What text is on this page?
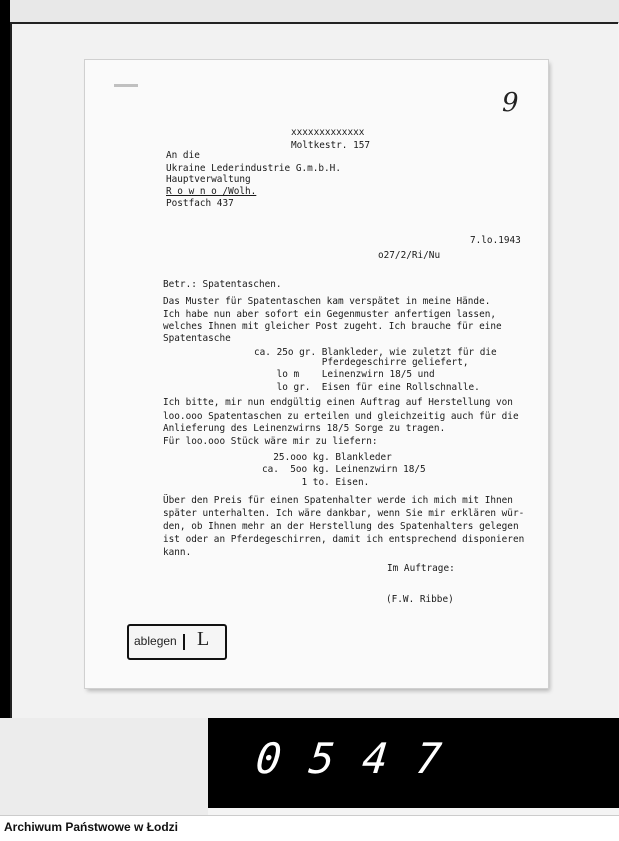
9
xxxxxxxxxxxxx
Moltkestr. 157
An die
Ukraine Lederindustrie G.m.b.H.
Hauptverwaltung
R o w n o /Wolh.
Postfach 437
7.lo.1943
o27/2/Ri/Nu
Betr.: Spatentaschen.
Das Muster für Spatentaschen kam verspätet in meine Hände.
Ich habe nun aber sofort ein Gegenmuster anfertigen lassen,
welches Ihnen mit gleicher Post zugeht. Ich brauche für eine
Spatentasche
ca. 25o gr. Blankleder, wie zuletzt für die
Pferdegeschirre geliefert,
lo m    Leinenzwirn 18/5 und
lo gr.  Eisen für eine Rollschnalle.
Ich bitte, mir nun endgültig einen Auftrag auf Herstellung von
loo.ooo Spatentaschen zu erteilen und gleichzeitig auch für die
Anlieferung des Leinenzwirns 18/5 Sorge zu tragen.
Für loo.ooo Stück wäre mir zu liefern:
25.ooo kg. Blankleder
ca.  5oo kg. Leinenzwirn 18/5
1 to. Eisen.
Über den Preis für einen Spatenhalter werde ich mich mit Ihnen
später unterhalten. Ich wäre dankbar, wenn Sie mir erklären wür-
den, ob Ihnen mehr an der Herstellung des Spatenhalters gelegen
ist oder an Pferdegeschirren, damit ich entsprechend disponieren
kann.
Im Auftrage:
(F.W. Ribbe)
ablegen	L
0547
Archiwum Państwowe w Łodzi
